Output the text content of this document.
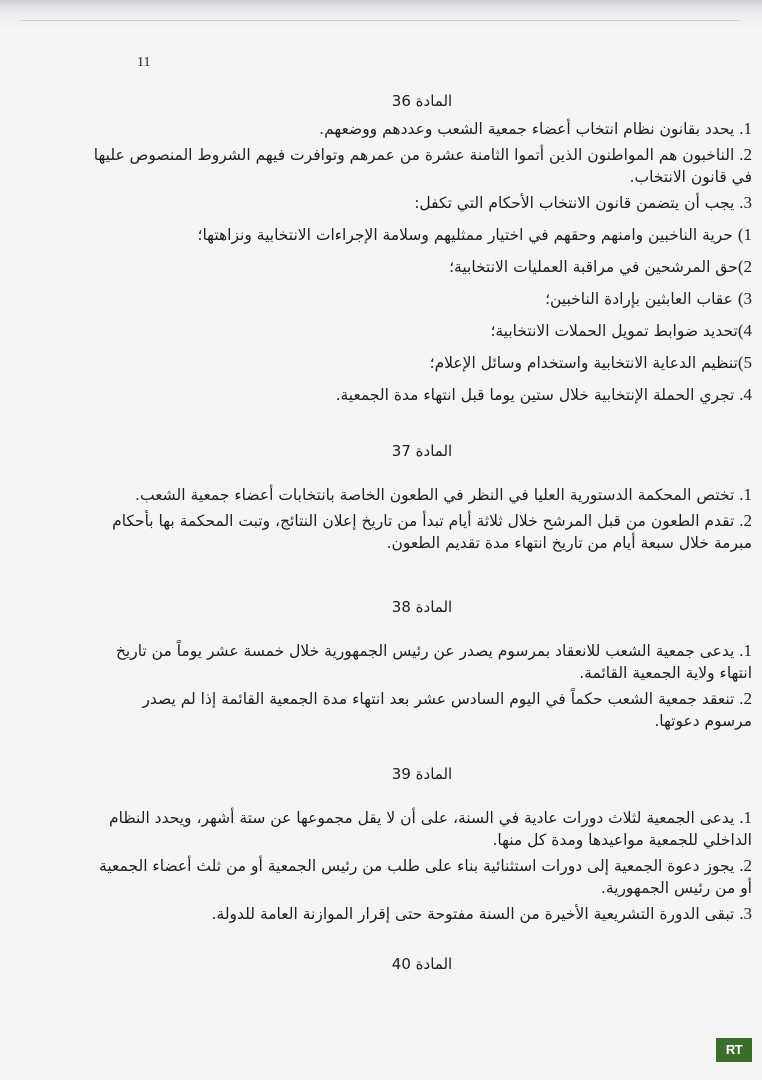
11
المادة 36
1. يحدد بقانون نظام انتخاب أعضاء جمعية الشعب وعددهم ووضعهم.
2. الناخبون هم المواطنون الذين أتموا الثامنة عشرة من عمرهم وتوافرت فيهم الشروط المنصوص عليها في قانون الانتخاب.
3. يجب أن يتضمن قانون الانتخاب الأحكام التي تكفل:
1) حرية الناخبين وامنهم وحقهم في اختيار ممثليهم وسلامة الإجراءات الانتخابية ونزاهتها؛
2)حق المرشحين في مراقبة العمليات الانتخابية؛
3) عقاب العابثين بإرادة الناخبين؛
4)تحديد ضوابط تمويل الحملات الانتخابية؛
5)تنظيم الدعاية الانتخابية واستخدام وسائل الإعلام؛
4. تجري الحملة الإنتخابية خلال ستين يوما قبل انتهاء مدة الجمعية.
المادة 37
1. تختص المحكمة الدستورية العليا في النظر في الطعون الخاصة بانتخابات أعضاء جمعية الشعب.
2. تقدم الطعون من قبل المرشح خلال ثلاثة أيام تبدأ من تاريخ إعلان النتائج، وتبت المحكمة بها بأحكام مبرمة خلال سبعة أيام من تاريخ انتهاء مدة تقديم الطعون.
المادة 38
1. يدعى جمعية الشعب للانعقاد بمرسوم يصدر عن رئيس الجمهورية خلال خمسة عشر يوماً من تاريخ انتهاء ولاية الجمعية القائمة.
2. تنعقد جمعية الشعب حكماً في اليوم السادس عشر بعد انتهاء مدة الجمعية القائمة إذا لم يصدر مرسوم دعوتها.
المادة 39
1. يدعى الجمعية لثلاث دورات عادية في السنة، على أن لا يقل مجموعها عن ستة أشهر، ويحدد النظام الداخلي للجمعية مواعيدها ومدة كل منها.
2. يجوز دعوة الجمعية إلى دورات استثنائية بناء على طلب من رئيس الجمعية أو من ثلث أعضاء الجمعية أو من رئيس الجمهورية.
3. تبقى الدورة التشريعية الأخيرة من السنة مفتوحة حتى إقرار الموازنة العامة للدولة.
المادة 40
RT
